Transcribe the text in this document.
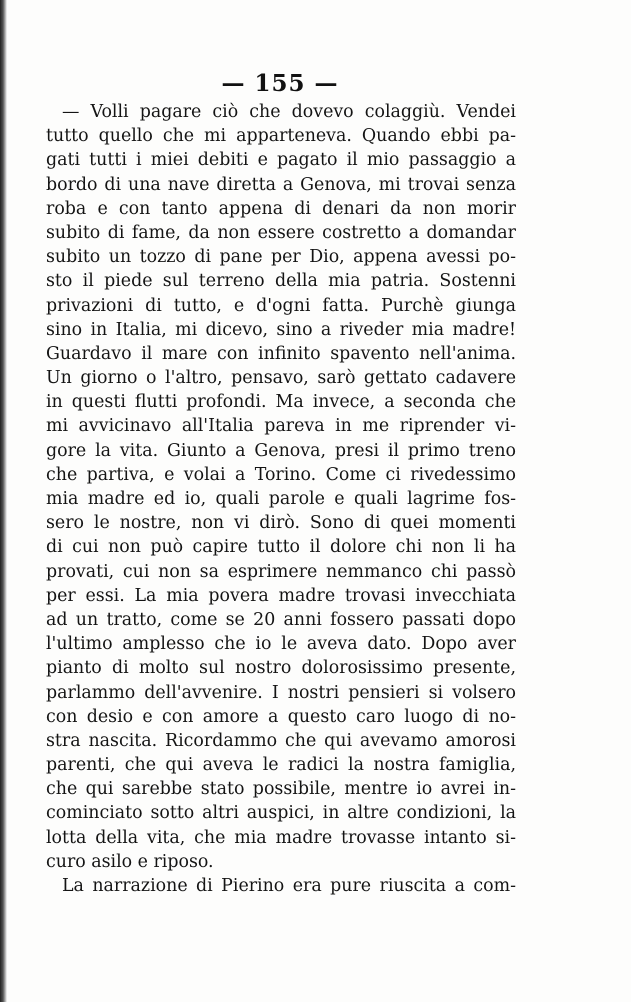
— 155 —
— Volli pagare ciò che dovevo colaggiù. Vendei
tutto quello che mi apparteneva. Quando ebbi pa-
gati tutti i miei debiti e pagato il mio passaggio a
bordo di una nave diretta a Genova, mi trovai senza
roba e con tanto appena di denari da non morir
subito di fame, da non essere costretto a domandar
subito un tozzo di pane per Dio, appena avessi po-
sto il piede sul terreno della mia patria. Sostenni
privazioni di tutto, e d'ogni fatta. Purchè giunga
sino in Italia, mi dicevo, sino a riveder mia madre!
Guardavo il mare con infinito spavento nell'anima.
Un giorno o l'altro, pensavo, sarò gettato cadavere
in questi flutti profondi. Ma invece, a seconda che
mi avvicinavo all'Italia pareva in me riprender vi-
gore la vita. Giunto a Genova, presi il primo treno
che partiva, e volai a Torino. Come ci rivedessimo
mia madre ed io, quali parole e quali lagrime fos-
sero le nostre, non vi dirò. Sono di quei momenti
di cui non può capire tutto il dolore chi non li ha
provati, cui non sa esprimere nemmanco chi passò
per essi. La mia povera madre trovasi invecchiata
ad un tratto, come se 20 anni fossero passati dopo
l'ultimo amplesso che io le aveva dato. Dopo aver
pianto di molto sul nostro dolorosissimo presente,
parlammo dell'avvenire. I nostri pensieri si volsero
con desio e con amore a questo caro luogo di no-
stra nascita. Ricordammo che qui avevamo amorosi
parenti, che qui aveva le radici la nostra famiglia,
che qui sarebbe stato possibile, mentre io avrei in-
cominciato sotto altri auspici, in altre condizioni, la
lotta della vita, che mia madre trovasse intanto si-
curo asilo e riposo.
La narrazione di Pierino era pure riuscita a com-
